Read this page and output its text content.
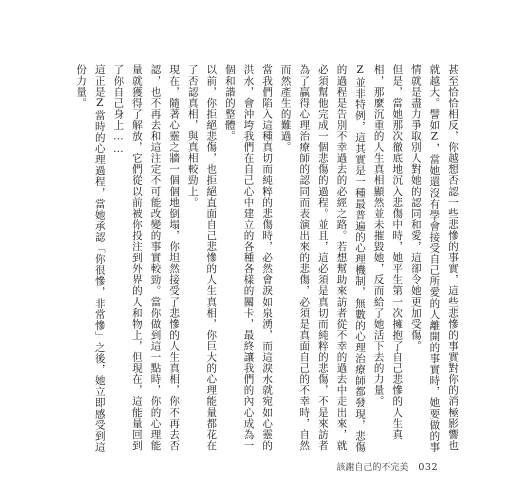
甚至恰恰相反，你越想否認一些悲慘的事實，這些悲慘的事實對你的消極影響也就越大。譬如Z，當她還沒有學會接受自己所愛的人離開的事實時，她要做的事情就是盡力爭取別人對她的認同和愛，這卻令她更加受傷。

但是，當她那次徹底地沉入悲傷中時，她平生第一次擁抱了自己悲慘的人生真相，那麼沉重的人生真相顯然並未摧毀她，反而給了她活下去的力量。

Z並非特例，這其實是一種最普遍的心理機制，無數的心理治療師都發現，悲傷的過程是告別不幸過去的必經之路。若想幫助來訪者從不幸的過去中走出來，就必須幫他完成一個悲傷的過程。並且，這必須是真切而純粹的悲傷，不是來訪者為了贏得心理治療師的認同而表演出來的悲傷，必須是真面自己的不幸時，自然而然產生的難過。

當我們陷入這種真切而純粹的悲傷時，必然會淚如泉湧，而這淚水就宛如心靈的洪水，會沖垮我們在自己心中建立的各種各樣的關卡，最終讓我們的內心成為一個和諧的整體。

以前，你拒絕悲傷，也拒絕直面自己悲慘的人生真相，你巨大的心理能量都花在了否認真相，與真相較勁上。

現在，隨著心靈之牆一個個地倒塌，你坦然接受了悲慘的人生真相，你不再去否認，也不再去和這注定不可能改變的事實較勁。當你做到這一點時，你的心理能量就獲得了解放，它們從以前被你投注到外界的人和物上，但現在，這能量回到了你自己身上……

這正是Z當時的心理過程，當她承認「你很慘，非常慘」之後，她立即感受到這份力量。

該謝自己的不完美 032
